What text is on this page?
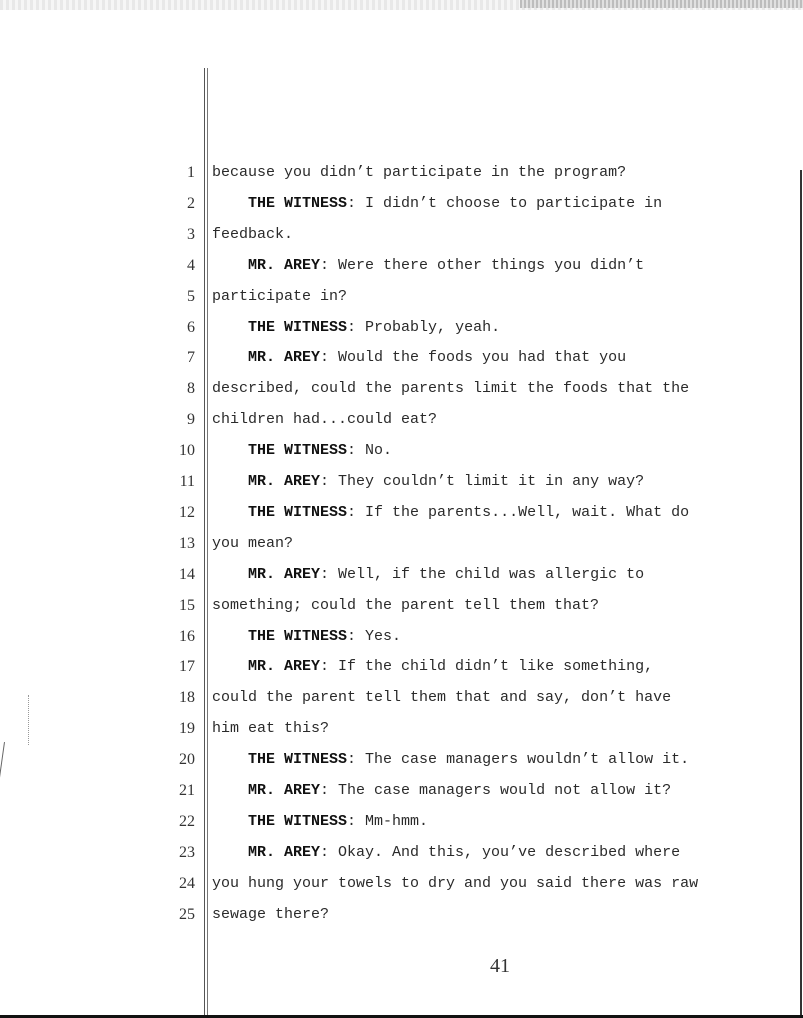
1 because you didn’t participate in the program?
2	THE WITNESS: I didn’t choose to participate in
3 feedback.
4	MR. AREY: Were there other things you didn’t
5 participate in?
6	THE WITNESS: Probably, yeah.
7	MR. AREY: Would the foods you had that you
8 described, could the parents limit the foods that the
9 children had...could eat?
10	THE WITNESS: No.
11	MR. AREY: They couldn’t limit it in any way?
12	THE WITNESS: If the parents...Well, wait. What do
13 you mean?
14	MR. AREY: Well, if the child was allergic to
15 something; could the parent tell them that?
16	THE WITNESS: Yes.
17	MR. AREY: If the child didn’t like something,
18 could the parent tell them that and say, don’t have
19 him eat this?
20	THE WITNESS: The case managers wouldn’t allow it.
21	MR. AREY: The case managers would not allow it?
22	THE WITNESS: Mm-hmm.
23	MR. AREY: Okay. And this, you’ve described where
24 you hung your towels to dry and you said there was raw
25 sewage there?
41
